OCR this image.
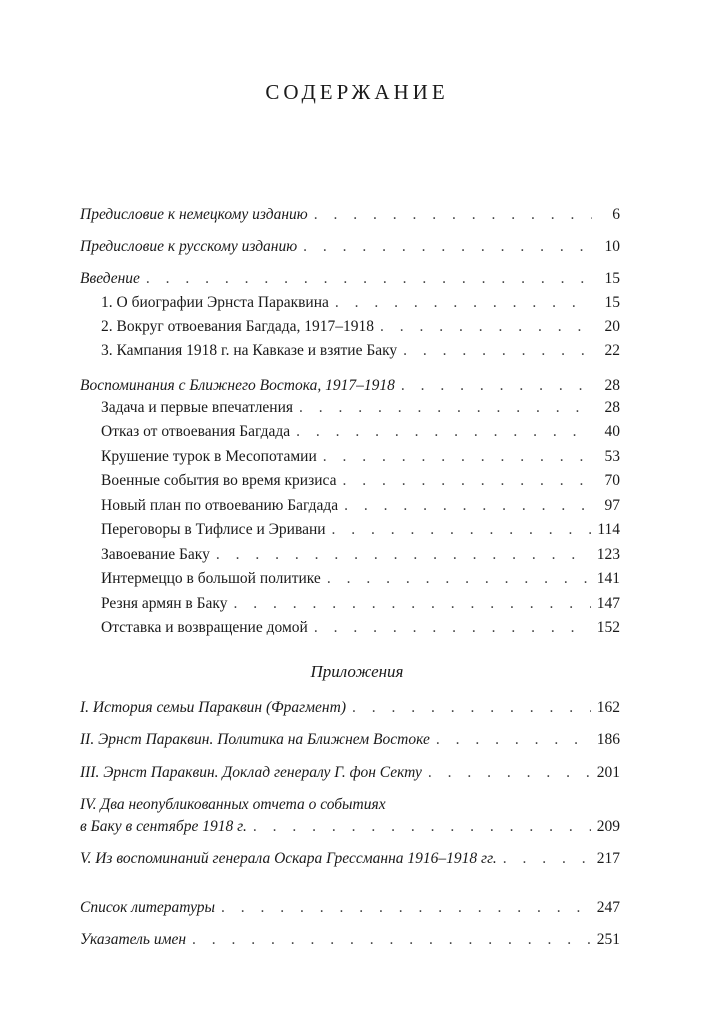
СОДЕРЖАНИЕ
Предисловие к немецкому изданию . . .	6
Предисловие к русскому изданию . . .	10
Введение . . .	15
1. О биографии Эрнста Параквина . . .	15
2. Вокруг отвоевания Багдада, 1917–1918 . . .	20
3. Кампания 1918 г. на Кавказе и взятие Баку . . .	22
Воспоминания с Ближнего Востока, 1917–1918 . . .	28
Задача и первые впечатления . . .	28
Отказ от отвоевания Багдада . . .	40
Крушение турок в Месопотамии . . .	53
Военные события во время кризиса . . .	70
Новый план по отвоеванию Багдада . . .	97
Переговоры в Тифлисе и Эривани . . .	114
Завоевание Баку . . .	123
Интермеццо в большой политике . . .	141
Резня армян в Баку . . .	147
Отставка и возвращение домой . . .	152
Приложения
I. История семьи Параквин (Фрагмент) . . .	162
II. Эрнст Параквин. Политика на Ближнем Востоке . . .	186
III. Эрнст Параквин. Доклад генералу Г. фон Секту . . .	201
IV. Два неопубликованных отчета о событиях
в Баку в сентябре 1918 г. . . .	209
V. Из воспоминаний генерала Оскара Грессманна 1916–1918 гг. . . .	217
Список литературы . . .	247
Указатель имен . . .	251
